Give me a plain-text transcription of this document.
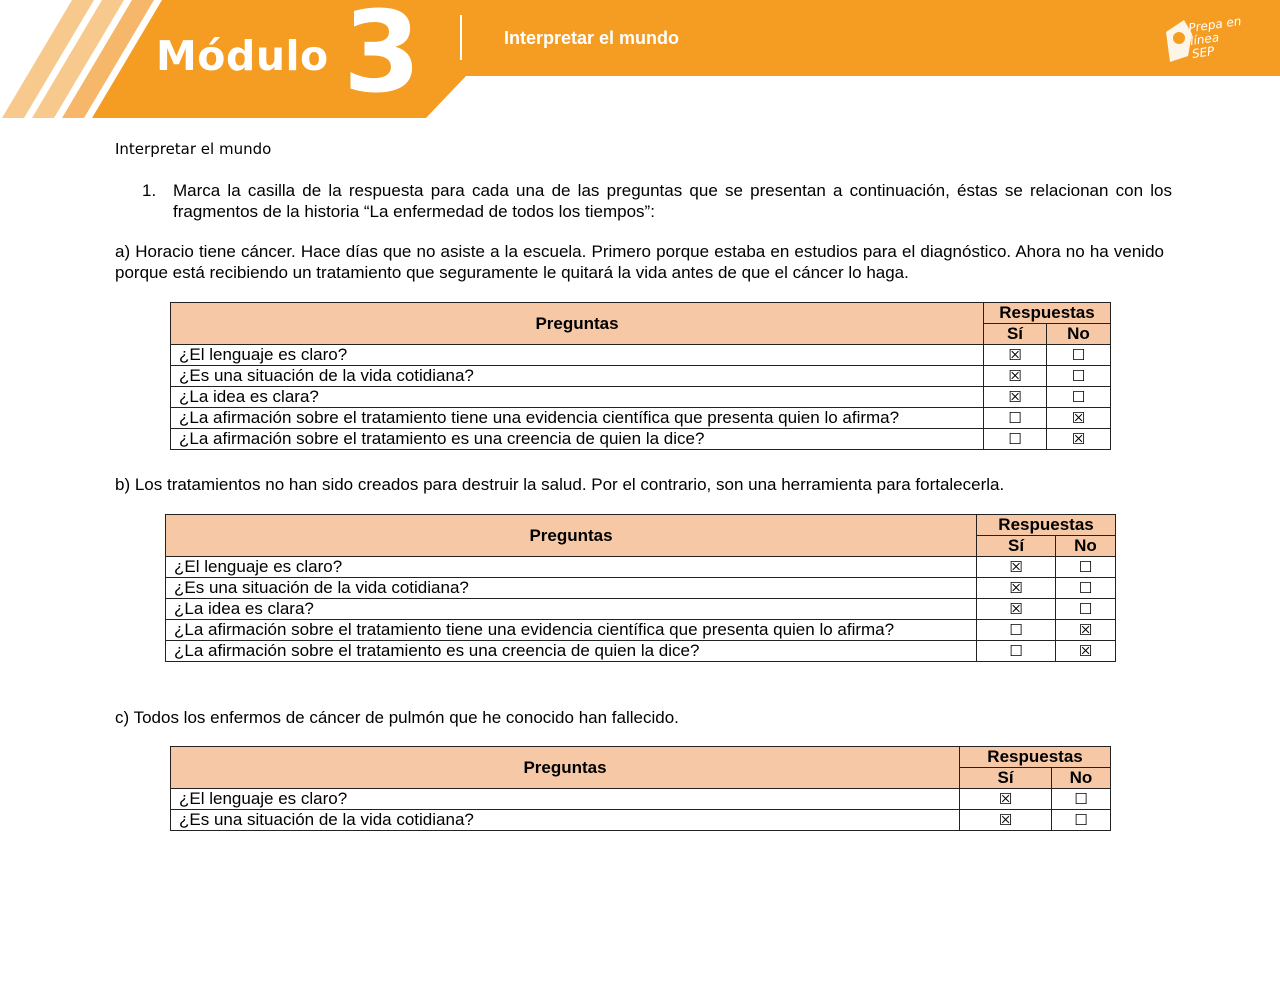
Módulo 3	Interpretar el mundo
Prepa en
línea
SEP
Interpretar el mundo
1. Marca la casilla de la respuesta para cada una de las preguntas que se presentan a continuación, éstas se relacionan con los fragmentos de la historia “La enfermedad de todos los tiempos”:
a) Horacio tiene cáncer. Hace días que no asiste a la escuela. Primero porque estaba en estudios para el diagnóstico. Ahora no ha venido porque está recibiendo un tratamiento que seguramente le quitará la vida antes de que el cáncer lo haga.
Preguntas	Respuestas	
	Sí	No
¿El lenguaje es claro?	☒	☐
¿Es una situación de la vida cotidiana?	☒	☐
¿La idea es clara?	☒	☐
¿La afirmación sobre el tratamiento tiene una evidencia científica que presenta quien lo afirma?	☐	☒
¿La afirmación sobre el tratamiento es una creencia de quien la dice?	☐	☒
b) Los tratamientos no han sido creados para destruir la salud. Por el contrario, son una herramienta para fortalecerla.
Preguntas	Respuestas	
	Sí	No
¿El lenguaje es claro?	☒	☐
¿Es una situación de la vida cotidiana?	☒	☐
¿La idea es clara?	☒	☐
¿La afirmación sobre el tratamiento tiene una evidencia científica que presenta quien lo afirma?	☐	☒
¿La afirmación sobre el tratamiento es una creencia de quien la dice?	☐	☒
c) Todos los enfermos de cáncer de pulmón que he conocido han fallecido.
Preguntas	Respuestas	
	Sí	No
¿El lenguaje es claro?	☒	☐
¿Es una situación de la vida cotidiana?	☒	☐
